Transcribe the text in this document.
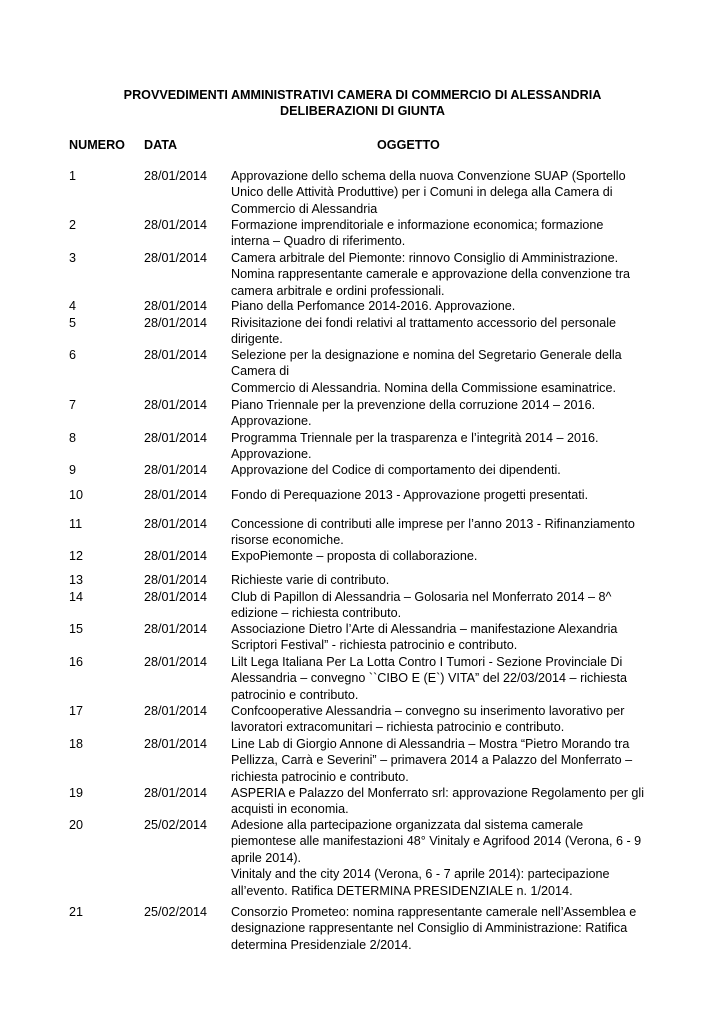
PROVVEDIMENTI AMMINISTRATIVI CAMERA DI COMMERCIO DI ALESSANDRIA
DELIBERAZIONI DI GIUNTA
NUMERO DATA	OGGETTO
1	28/01/2014 Approvazione dello schema della nuova Convenzione SUAP (Sportello
Unico delle Attività Produttive) per i Comuni in delega alla Camera di
Commercio di Alessandria
2	28/01/2014 Formazione imprenditoriale e informazione economica; formazione
interna – Quadro di riferimento.
3	28/01/2014 Camera arbitrale del Piemonte: rinnovo Consiglio di Amministrazione.
Nomina rappresentante camerale e approvazione della convenzione tra
camera arbitrale e ordini professionali.
4	28/01/2014 Piano della Perfomance 2014-2016. Approvazione.
5	28/01/2014 Rivisitazione dei fondi relativi al trattamento accessorio del personale
dirigente.
6	28/01/2014 Selezione per la designazione e nomina del Segretario Generale della
Camera di
Commercio di Alessandria. Nomina della Commissione esaminatrice.
7	28/01/2014 Piano Triennale per la prevenzione della corruzione 2014 – 2016.
Approvazione.
8	28/01/2014 Programma Triennale per la trasparenza e l’integrità 2014 – 2016.
Approvazione.
9	28/01/2014 Approvazione del Codice di comportamento dei dipendenti.
10	28/01/2014 Fondo di Perequazione 2013 - Approvazione progetti presentati.
11	28/01/2014 Concessione di contributi alle imprese per l’anno 2013 - Rifinanziamento
risorse economiche.
12	28/01/2014 ExpoPiemonte – proposta di collaborazione.
13	28/01/2014 Richieste varie di contributo.
14	28/01/2014 Club di Papillon di Alessandria – Golosaria nel Monferrato 2014 – 8^
edizione – richiesta contributo.
15	28/01/2014 Associazione Dietro l’Arte di Alessandria – manifestazione Alexandria
Scriptori Festival” - richiesta patrocinio e contributo.
16	28/01/2014 Lilt Lega Italiana Per La Lotta Contro I Tumori - Sezione Provinciale Di
Alessandria – convegno ``CIBO E (E`) VITA” del 22/03/2014 – richiesta
patrocinio e contributo.
17	28/01/2014 Confcooperative Alessandria – convegno su inserimento lavorativo per
lavoratori extracomunitari – richiesta patrocinio e contributo.
18	28/01/2014 Line Lab di Giorgio Annone di Alessandria – Mostra “Pietro Morando tra
Pellizza, Carrà e Severini” – primavera 2014 a Palazzo del Monferrato –
richiesta patrocinio e contributo.
19	28/01/2014 ASPERIA e Palazzo del Monferrato srl: approvazione Regolamento per gli
acquisti in economia.
20	25/02/2014 Adesione alla partecipazione organizzata dal sistema camerale
piemontese alle manifestazioni 48° Vinitaly e Agrifood 2014 (Verona, 6 - 9
aprile 2014).
Vinitaly and the city 2014 (Verona, 6 - 7 aprile 2014): partecipazione
all’evento. Ratifica DETERMINA PRESIDENZIALE n. 1/2014.
21	25/02/2014 Consorzio Prometeo: nomina rappresentante camerale nell’Assemblea e
designazione rappresentante nel Consiglio di Amministrazione: Ratifica
determina Presidenziale 2/2014.
